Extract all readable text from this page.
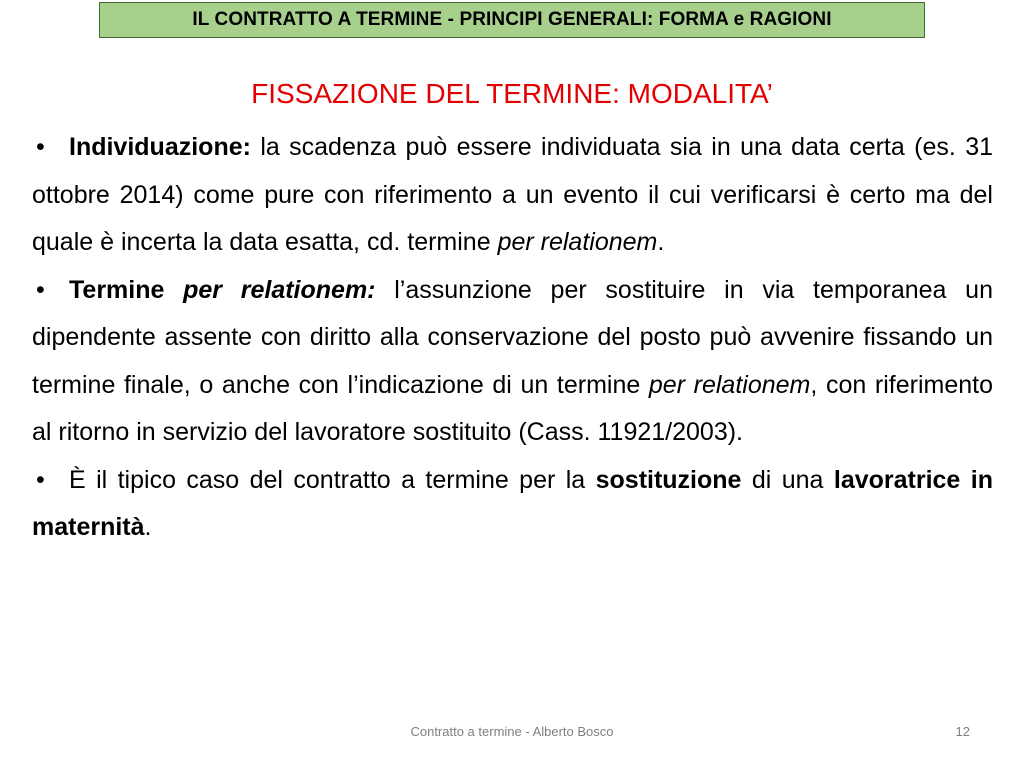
IL CONTRATTO A TERMINE - PRINCIPI GENERALI: FORMA e RAGIONI
FISSAZIONE DEL TERMINE: MODALITA’

• Individuazione: la scadenza può essere individuata sia in una data certa (es. 31 ottobre 2014) come pure con riferimento a un evento il cui verificarsi è certo ma del quale è incerta la data esatta, cd. termine per relationem.

• Termine per relationem: l’assunzione per sostituire in via temporanea un dipendente assente con diritto alla conservazione del posto può avvenire fissando un termine finale, o anche con l’indicazione di un termine per relationem, con riferimento al ritorno in servizio del lavoratore sostituito (Cass. 11921/2003).

• È il tipico caso del contratto a termine per la sostituzione di una lavoratrice in maternità.

Contratto a termine - Alberto Bosco	12
